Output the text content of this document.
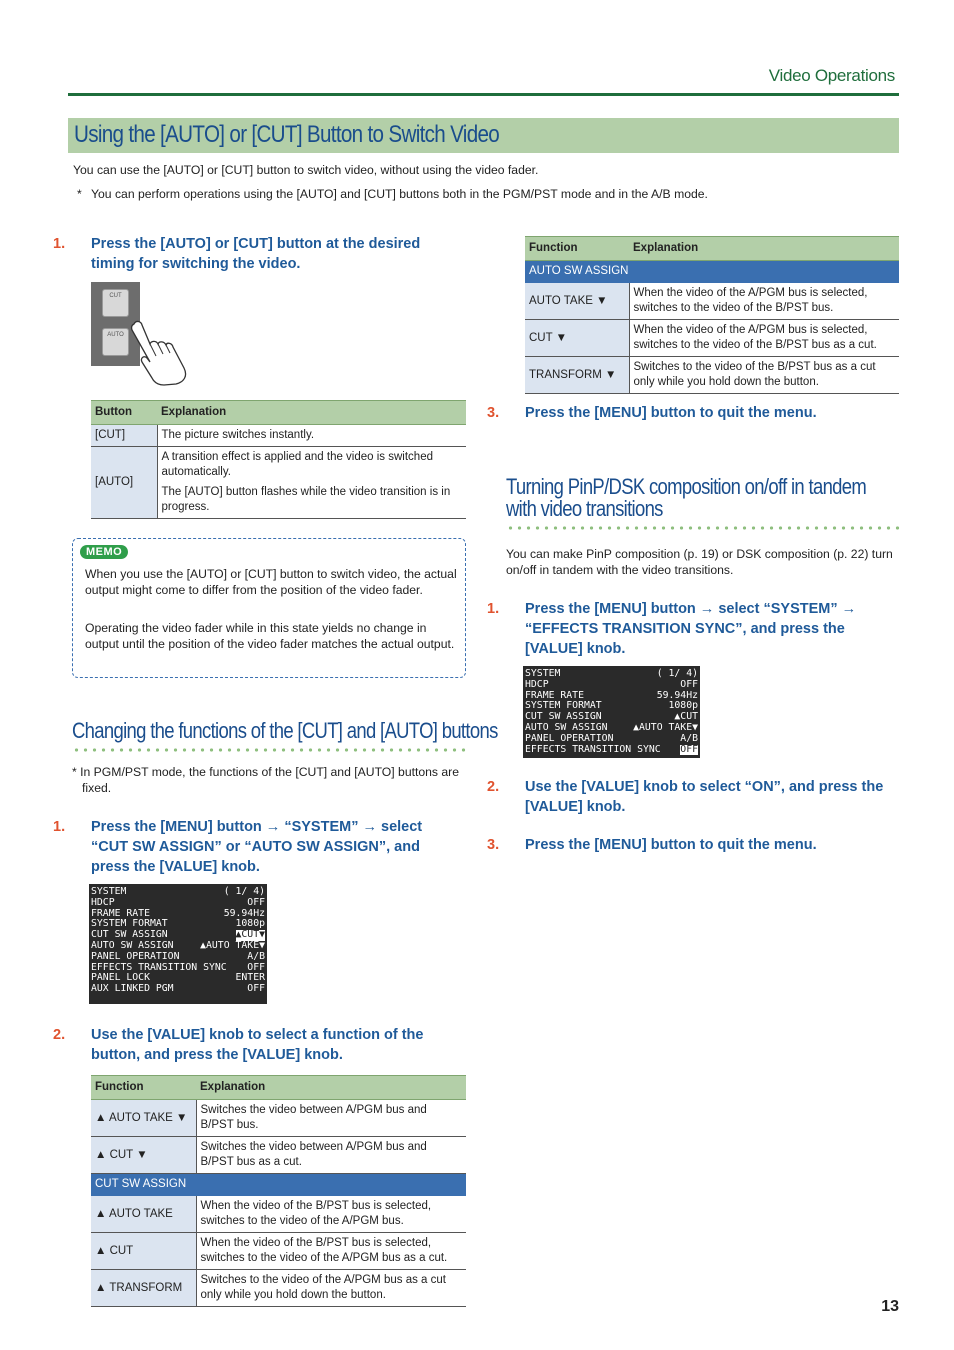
Video Operations
Using the [AUTO] or [CUT] Button to Switch Video
You can use the [AUTO] or [CUT] button to switch video, without using the video fader.
* You can perform operations using the [AUTO] and [CUT] buttons both in the PGM/PST mode and in the A/B mode.
1. Press the [AUTO] or [CUT] button at the desired timing for switching the video.
CUT
AUTO
Button	Explanation
[CUT]	The picture switches instantly.
[AUTO]	A transition effect is applied and the video is switched automatically.
The [AUTO] button flashes while the video transition is in progress.
MEMO
When you use the [AUTO] or [CUT] button to switch video, the actual output might come to differ from the position of the video fader.
Operating the video fader while in this state yields no change in output until the position of the video fader matches the actual output.
Changing the functions of the [CUT] and [AUTO] buttons
* In PGM/PST mode, the functions of the [CUT] and [AUTO] buttons are fixed.
1. Press the [MENU] button → “SYSTEM” → select “CUT SW ASSIGN” or “AUTO SW ASSIGN”, and press the [VALUE] knob.
SYSTEM	( 1/ 4)
HDCP	OFF
FRAME RATE	59.94Hz
SYSTEM FORMAT	1080p
CUT SW ASSIGN	▲CUT▼
AUTO SW ASSIGN	▲AUTO TAKE▼
PANEL OPERATION	A/B
EFFECTS TRANSITION SYNC OFF
PANEL LOCK	ENTER
AUX LINKED PGM	OFF
2. Use the [VALUE] knob to select a function of the button, and press the [VALUE] knob.
Function	Explanation
▲ AUTO TAKE ▼	Switches the video between A/PGM bus and B/PST bus.
▲ CUT ▼	Switches the video between A/PGM bus and B/PST bus as a cut.
CUT SW ASSIGN	
▲ AUTO TAKE	When the video of the B/PST bus is selected, switches to the video of the A/PGM bus.
▲ CUT	When the video of the B/PST bus is selected, switches to the video of the A/PGM bus as a cut.
▲ TRANSFORM	Switches to the video of the A/PGM bus as a cut only while you hold down the button.
Function	Explanation
AUTO SW ASSIGN	
AUTO TAKE ▼	When the video of the A/PGM bus is selected, switches to the video of the B/PST bus.
CUT ▼	When the video of the A/PGM bus is selected, switches to the video of the B/PST bus as a cut.
TRANSFORM ▼	Switches to the video of the B/PST bus as a cut only while you hold down the button.
3. Press the [MENU] button to quit the menu.
Turning PinP/DSK composition on/off in tandem
with video transitions
You can make PinP composition (p. 19) or DSK composition (p. 22) turn on/off in tandem with the video transitions.
1. Press the [MENU] button → select “SYSTEM” → “EFFECTS TRANSITION SYNC”, and press the [VALUE] knob.
SYSTEM	( 1/ 4)
HDCP	OFF
FRAME RATE	59.94Hz
SYSTEM FORMAT	1080p
CUT SW ASSIGN	▲CUT
AUTO SW ASSIGN	▲AUTO TAKE▼
PANEL OPERATION	A/B
EFFECTS TRANSITION SYNC OFF
2. Use the [VALUE] knob to select “ON”, and press the [VALUE] knob.
3. Press the [MENU] button to quit the menu.
13
